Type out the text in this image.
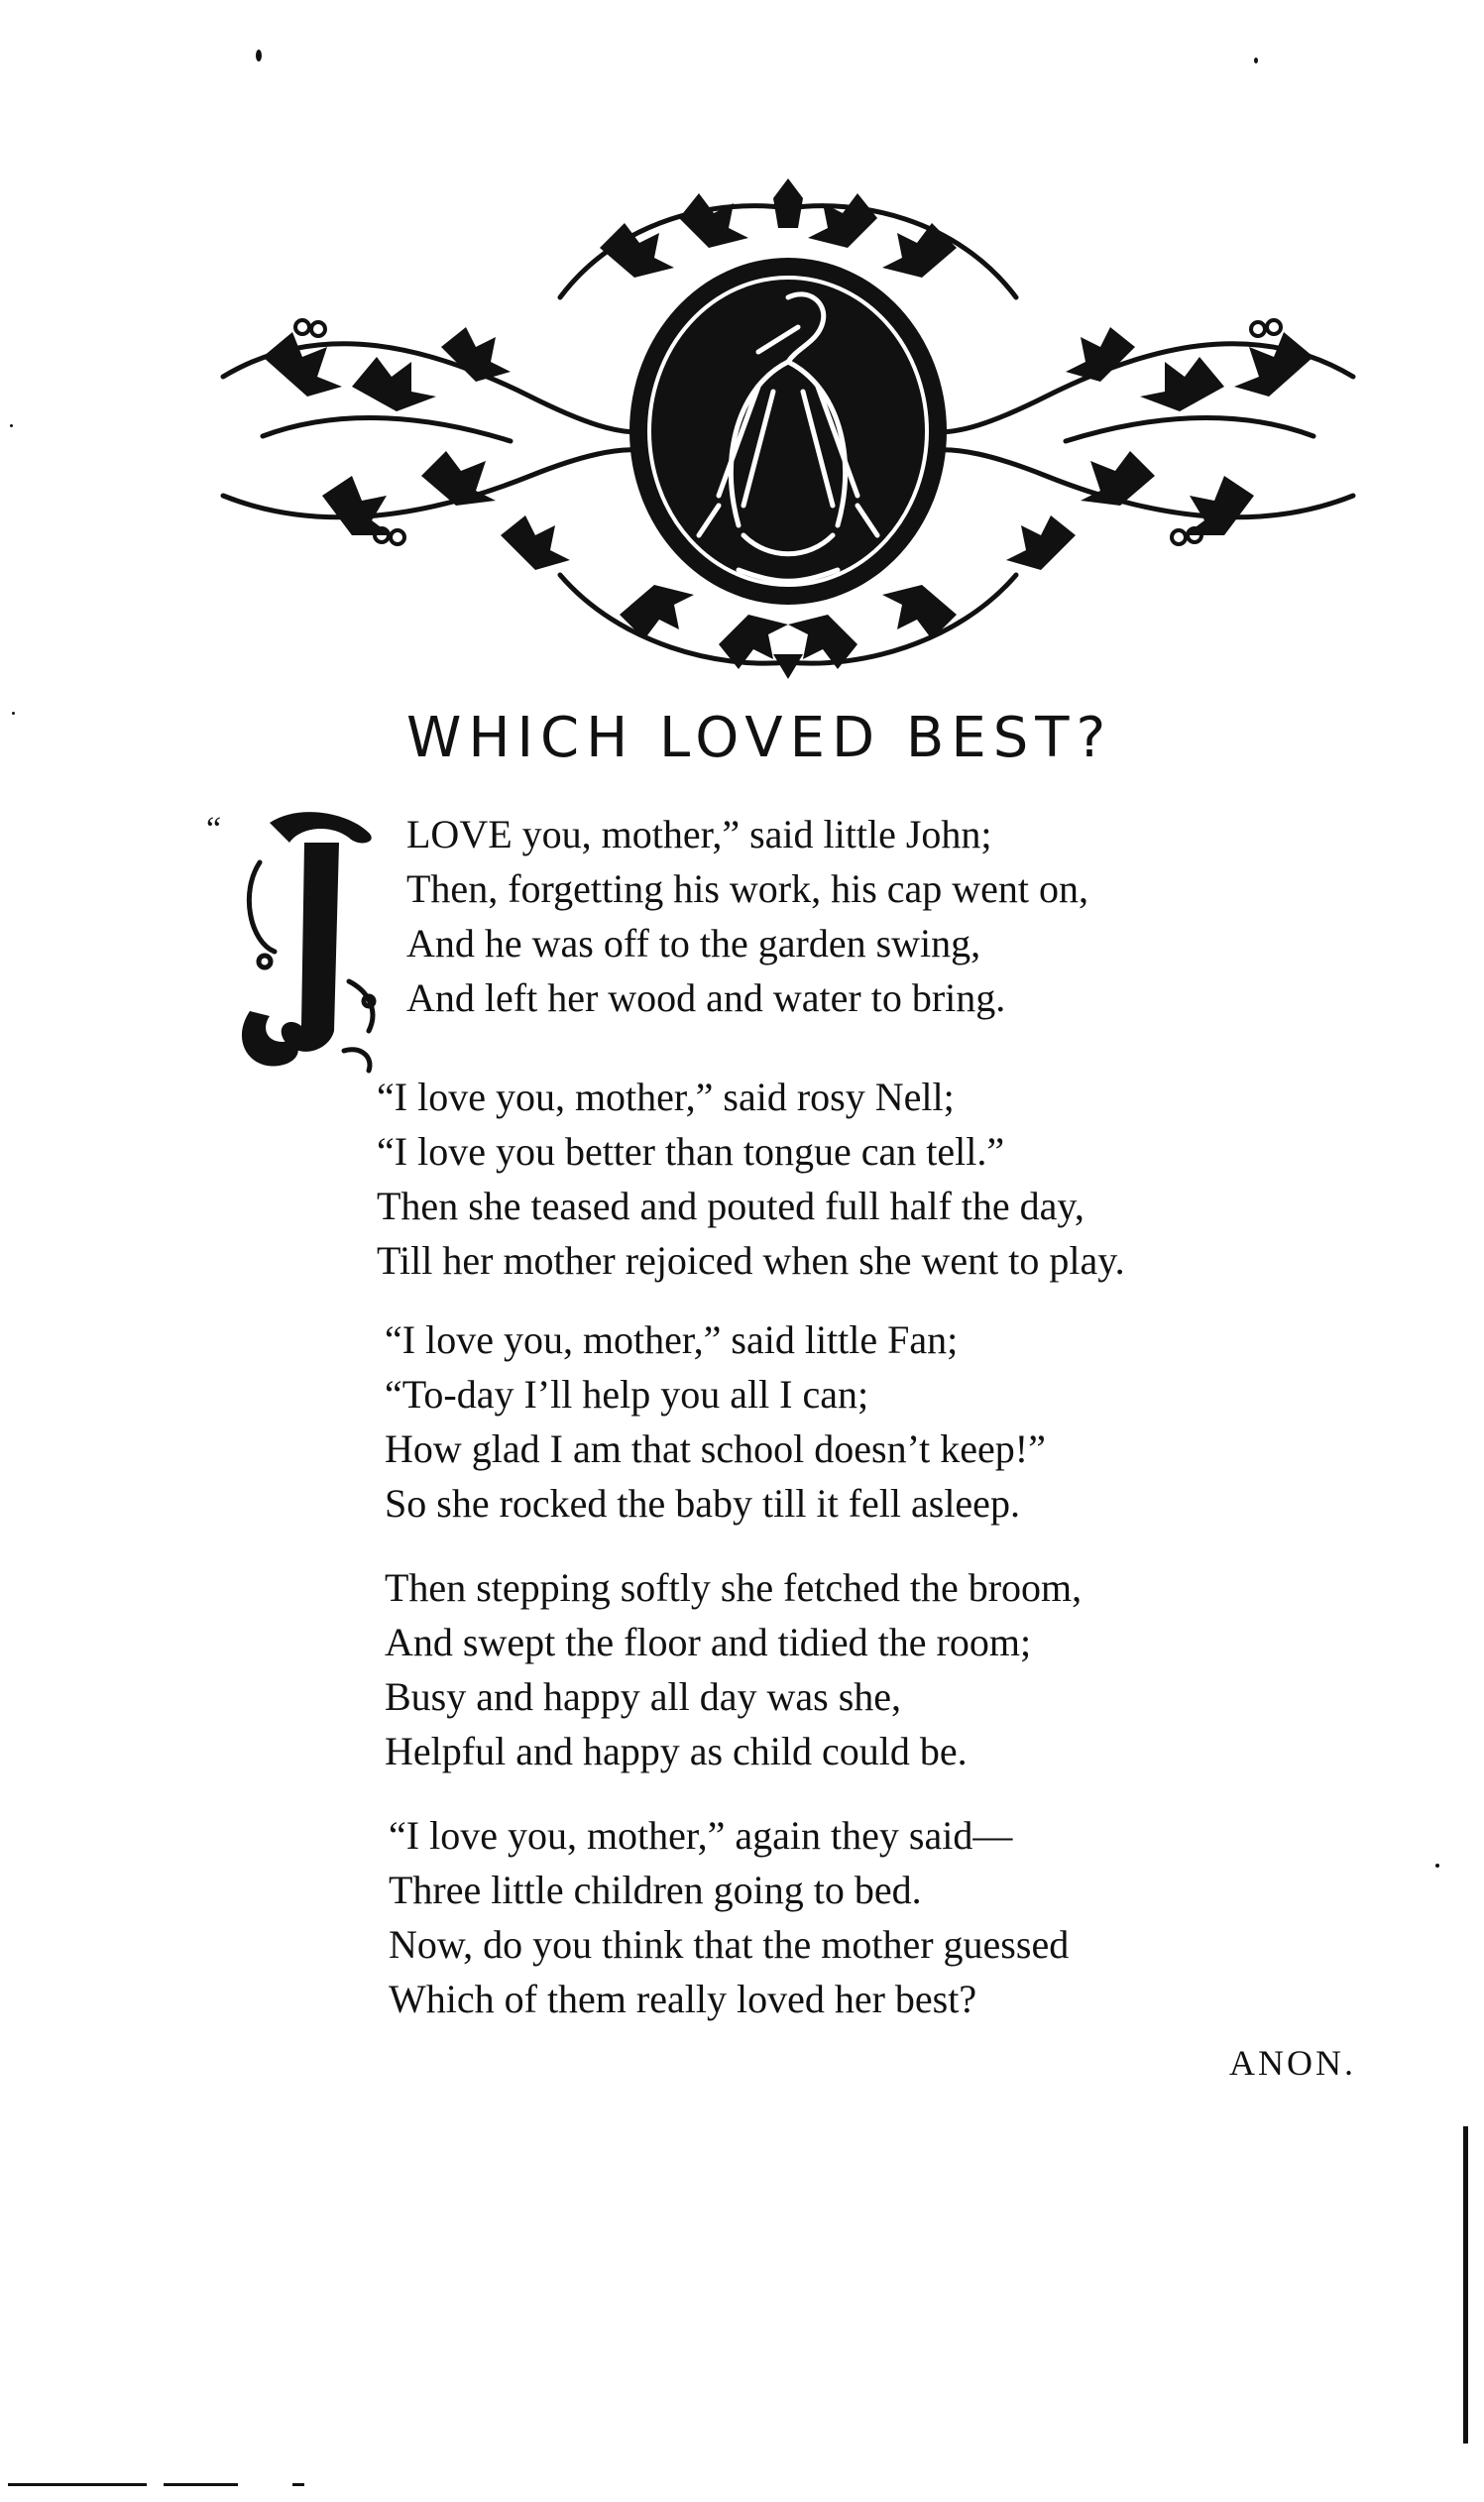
WHICH LOVED BEST?
“	LOVE you, mother,” said little John;
Then, forgetting his work, his cap went on,
And he was off to the garden swing,
And left her wood and water to bring.
“I love you, mother,” said rosy Nell;
“I love you better than tongue can tell.”
Then she teased and pouted full half the day,
Till her mother rejoiced when she went to play.
“I love you, mother,” said little Fan;
“To-day I’ll help you all I can;
How glad I am that school doesn’t keep!”
So she rocked the baby till it fell asleep.
Then stepping softly she fetched the broom,
And swept the floor and tidied the room;
Busy and happy all day was she,
Helpful and happy as child could be.
“I love you, mother,” again they said—
Three little children going to bed.
Now, do you think that the mother guessed
Which of them really loved her best?
ANON.
